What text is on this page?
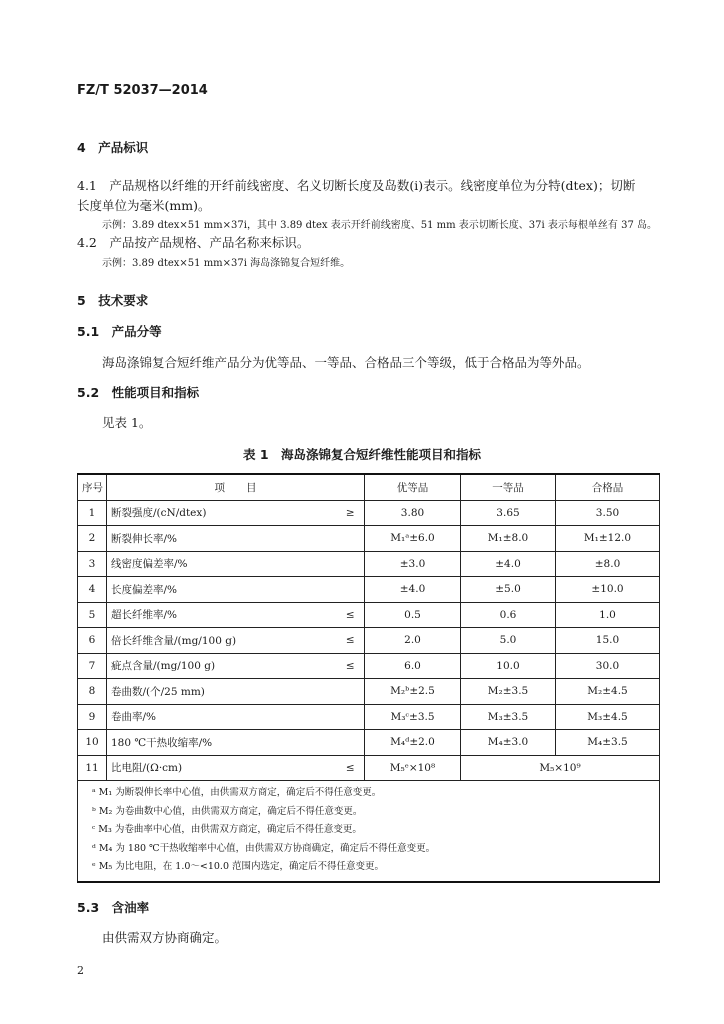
FZ/T 52037—2014
4　产品标识
4.1　产品规格以纤维的开纤前线密度、名义切断长度及岛数(i)表示。线密度单位为分特(dtex)；切断
长度单位为毫米(mm)。
示例：3.89 dtex×51 mm×37i，其中 3.89 dtex 表示开纤前线密度、51 mm 表示切断长度、37i 表示每根单丝有 37 岛。
4.2　产品按产品规格、产品名称来标识。
示例：3.89 dtex×51 mm×37i 海岛涤锦复合短纤维。
5　技术要求
5.1　产品分等
海岛涤锦复合短纤维产品分为优等品、一等品、合格品三个等级，低于合格品为等外品。
5.2　性能项目和指标
见表 1。
表 1　海岛涤锦复合短纤维性能项目和指标
序号	项　　目		优等品	一等品	合格品
1	断裂强度/(cN/dtex)	≥	3.80	3.65	3.50
2	断裂伸长率/%		M₁ᵃ±6.0	M₁±8.0	M₁±12.0
3	线密度偏差率/%		±3.0	±4.0	±8.0
4	长度偏差率/%		±4.0	±5.0	±10.0
5	超长纤维率/%	≤	0.5	0.6	1.0
6	倍长纤维含量/(mg/100 g)	≤	2.0	5.0	15.0
7	疵点含量/(mg/100 g)	≤	6.0	10.0	30.0
8	卷曲数/(个/25 mm)		M₂ᵇ±2.5	M₂±3.5	M₂±4.5
9	卷曲率/%		M₃ᶜ±3.5	M₃±3.5	M₃±4.5
10	180 ℃干热收缩率/%		M₄ᵈ±2.0	M₄±3.0	M₄±3.5
11	比电阻/(Ω·cm)	≤	M₅ᵉ×10⁸	M₅×10⁹	

ᵃ M₁ 为断裂伸长率中心值，由供需双方商定，确定后不得任意变更。
ᵇ M₂ 为卷曲数中心值，由供需双方商定，确定后不得任意变更。
ᶜ M₃ 为卷曲率中心值，由供需双方商定，确定后不得任意变更。
ᵈ M₄ 为 180 ℃干热收缩率中心值，由供需双方协商确定，确定后不得任意变更。
ᵉ M₅ 为比电阻，在 1.0～<10.0 范围内选定，确定后不得任意变更。					
5.3　含油率
由供需双方协商确定。
2
